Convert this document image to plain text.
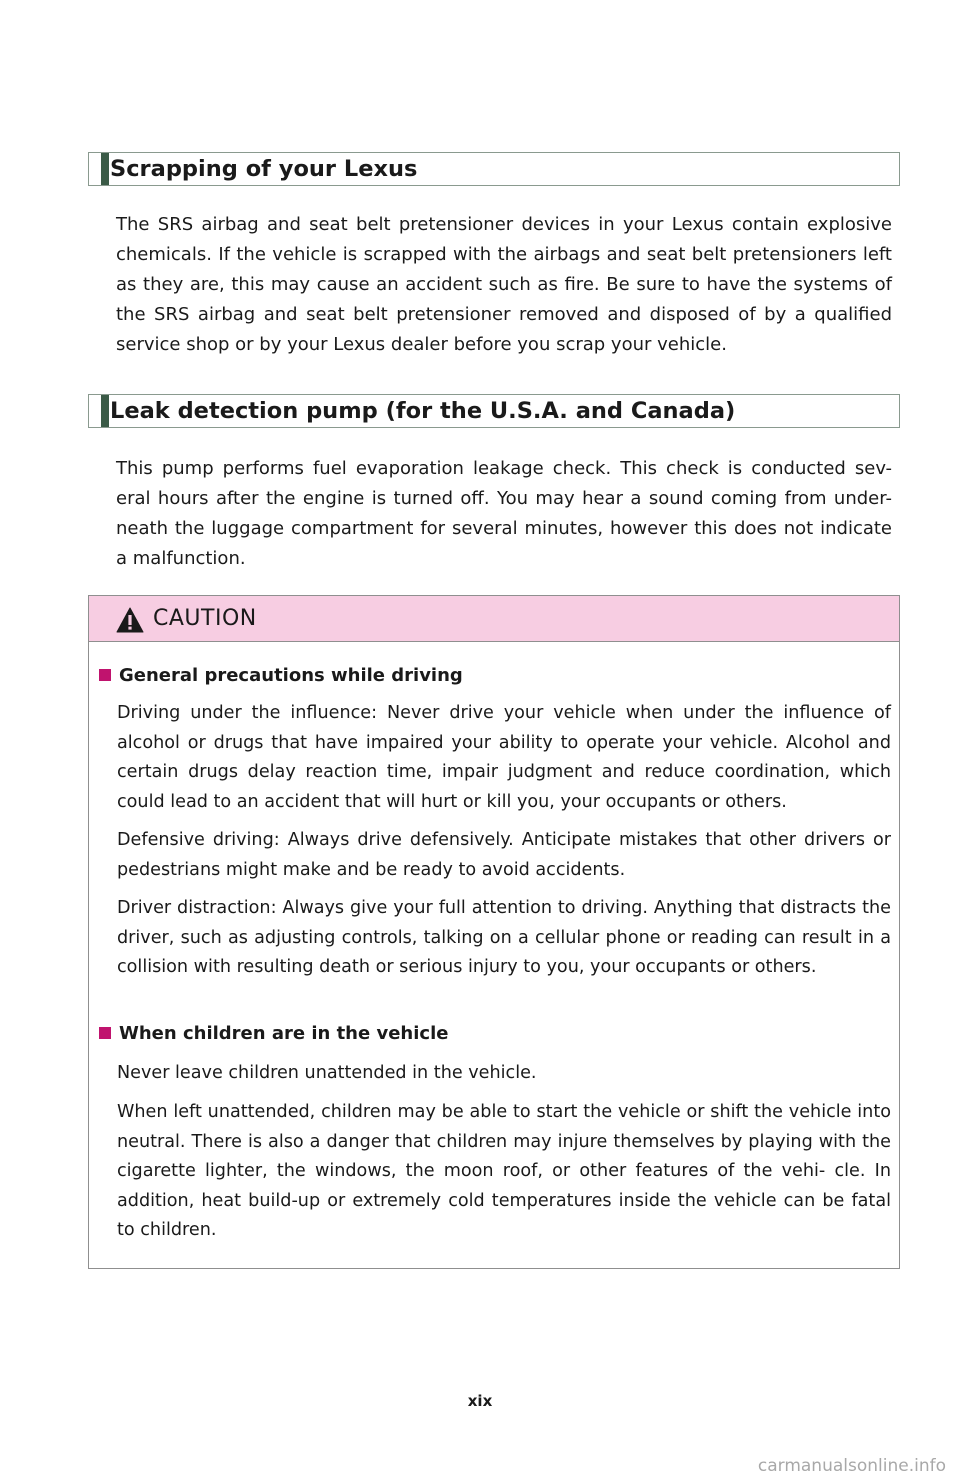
Scrapping of your Lexus

The SRS airbag and seat belt pretensioner devices in your Lexus contain explosive chemicals. If the vehicle is scrapped with the airbags and seat belt pretensioners left as they are, this may cause an accident such as fire. Be sure to have the systems of the SRS airbag and seat belt pretensioner removed and disposed of by a qualified service shop or by your Lexus dealer before you scrap your vehicle.

Leak detection pump (for the U.S.A. and Canada)

This pump performs fuel evaporation leakage check. This check is conducted sev- eral hours after the engine is turned off. You may hear a sound coming from under- neath the luggage compartment for several minutes, however this does not indicate a malfunction.

CAUTION
General precautions while driving

Driving under the influence: Never drive your vehicle when under the influence of alcohol or drugs that have impaired your ability to operate your vehicle. Alcohol and certain drugs delay reaction time, impair judgment and reduce coordination, which could lead to an accident that will hurt or kill you, your occupants or others.

Defensive driving: Always drive defensively. Anticipate mistakes that other drivers or pedestrians might make and be ready to avoid accidents.

Driver distraction: Always give your full attention to driving. Anything that distracts the driver, such as adjusting controls, talking on a cellular phone or reading can result in a collision with resulting death or serious injury to you, your occupants or others.

When children are in the vehicle

Never leave children unattended in the vehicle.

When left unattended, children may be able to start the vehicle or shift the vehicle into neutral. There is also a danger that children may injure themselves by playing with the cigarette lighter, the windows, the moon roof, or other features of the vehi- cle. In addition, heat build-up or extremely cold temperatures inside the vehicle can be fatal to children.

xix
carmanualsonline.info
